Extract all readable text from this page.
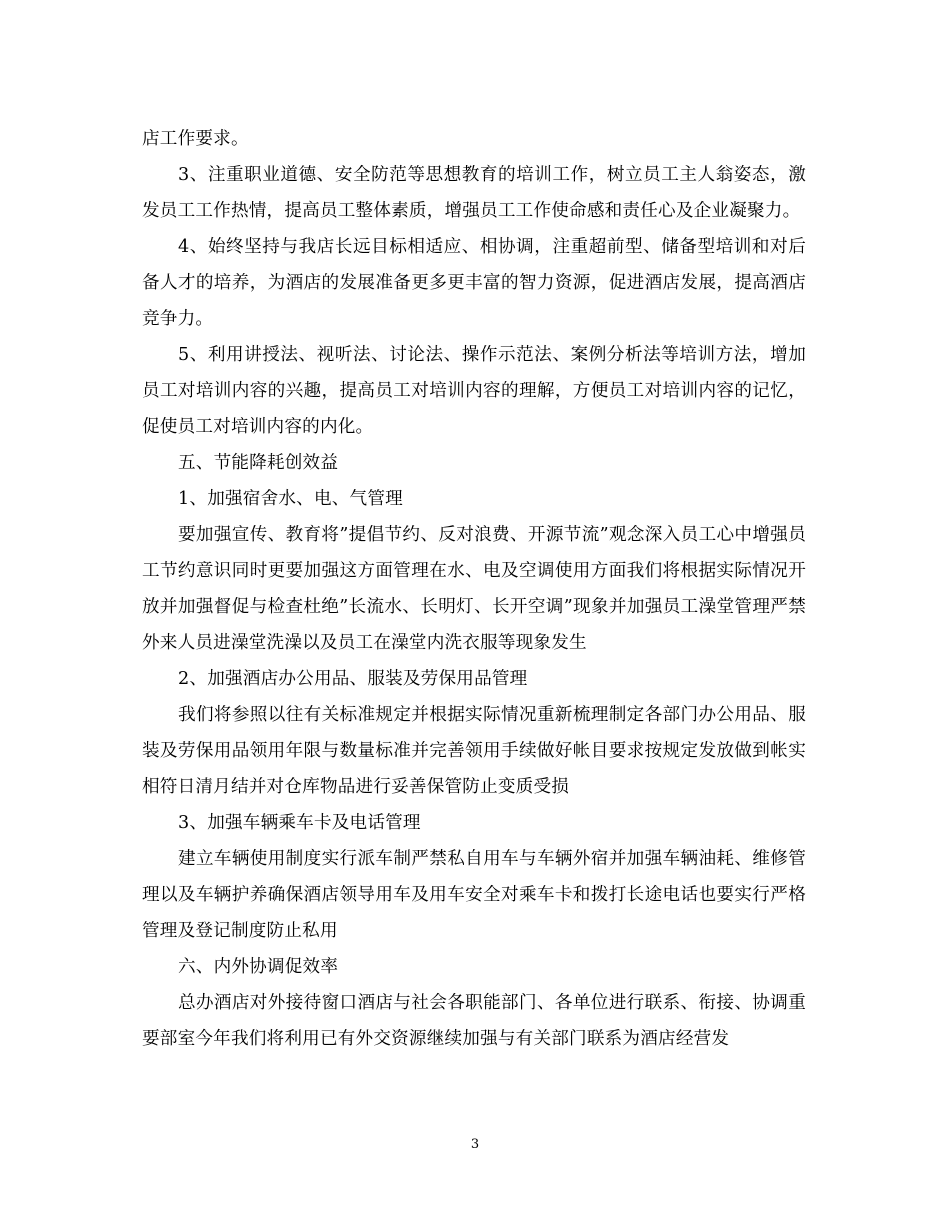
店工作要求。

3、注重职业道德、安全防范等思想教育的培训工作，树立员工主人翁姿态，激发员工工作热情，提高员工整体素质，增强员工工作使命感和责任心及企业凝聚力。

4、始终坚持与我店长远目标相适应、相协调，注重超前型、储备型培训和对后备人才的培养，为酒店的发展准备更多更丰富的智力资源，促进酒店发展，提高酒店竞争力。

5、利用讲授法、视听法、讨论法、操作示范法、案例分析法等培训方法，增加员工对培训内容的兴趣，提高员工对培训内容的理解，方便员工对培训内容的记忆，促使员工对培训内容的内化。

五、节能降耗创效益

1、加强宿舍水、电、气管理

要加强宣传、教育将”提倡节约、反对浪费、开源节流”观念深入员工心中增强员工节约意识同时更要加强这方面管理在水、电及空调使用方面我们将根据实际情况开放并加强督促与检查杜绝”长流水、长明灯、长开空调”现象并加强员工澡堂管理严禁外来人员进澡堂洗澡以及员工在澡堂内洗衣服等现象发生

2、加强酒店办公用品、服装及劳保用品管理

我们将参照以往有关标准规定并根据实际情况重新梳理制定各部门办公用品、服装及劳保用品领用年限与数量标准并完善领用手续做好帐目要求按规定发放做到帐实相符日清月结并对仓库物品进行妥善保管防止变质受损

3、加强车辆乘车卡及电话管理

建立车辆使用制度实行派车制严禁私自用车与车辆外宿并加强车辆油耗、维修管理以及车辆护养确保酒店领导用车及用车安全对乘车卡和拨打长途电话也要实行严格管理及登记制度防止私用

六、内外协调促效率

总办酒店对外接待窗口酒店与社会各职能部门、各单位进行联系、衔接、协调重要部室今年我们将利用已有外交资源继续加强与有关部门联系为酒店经营发

3
